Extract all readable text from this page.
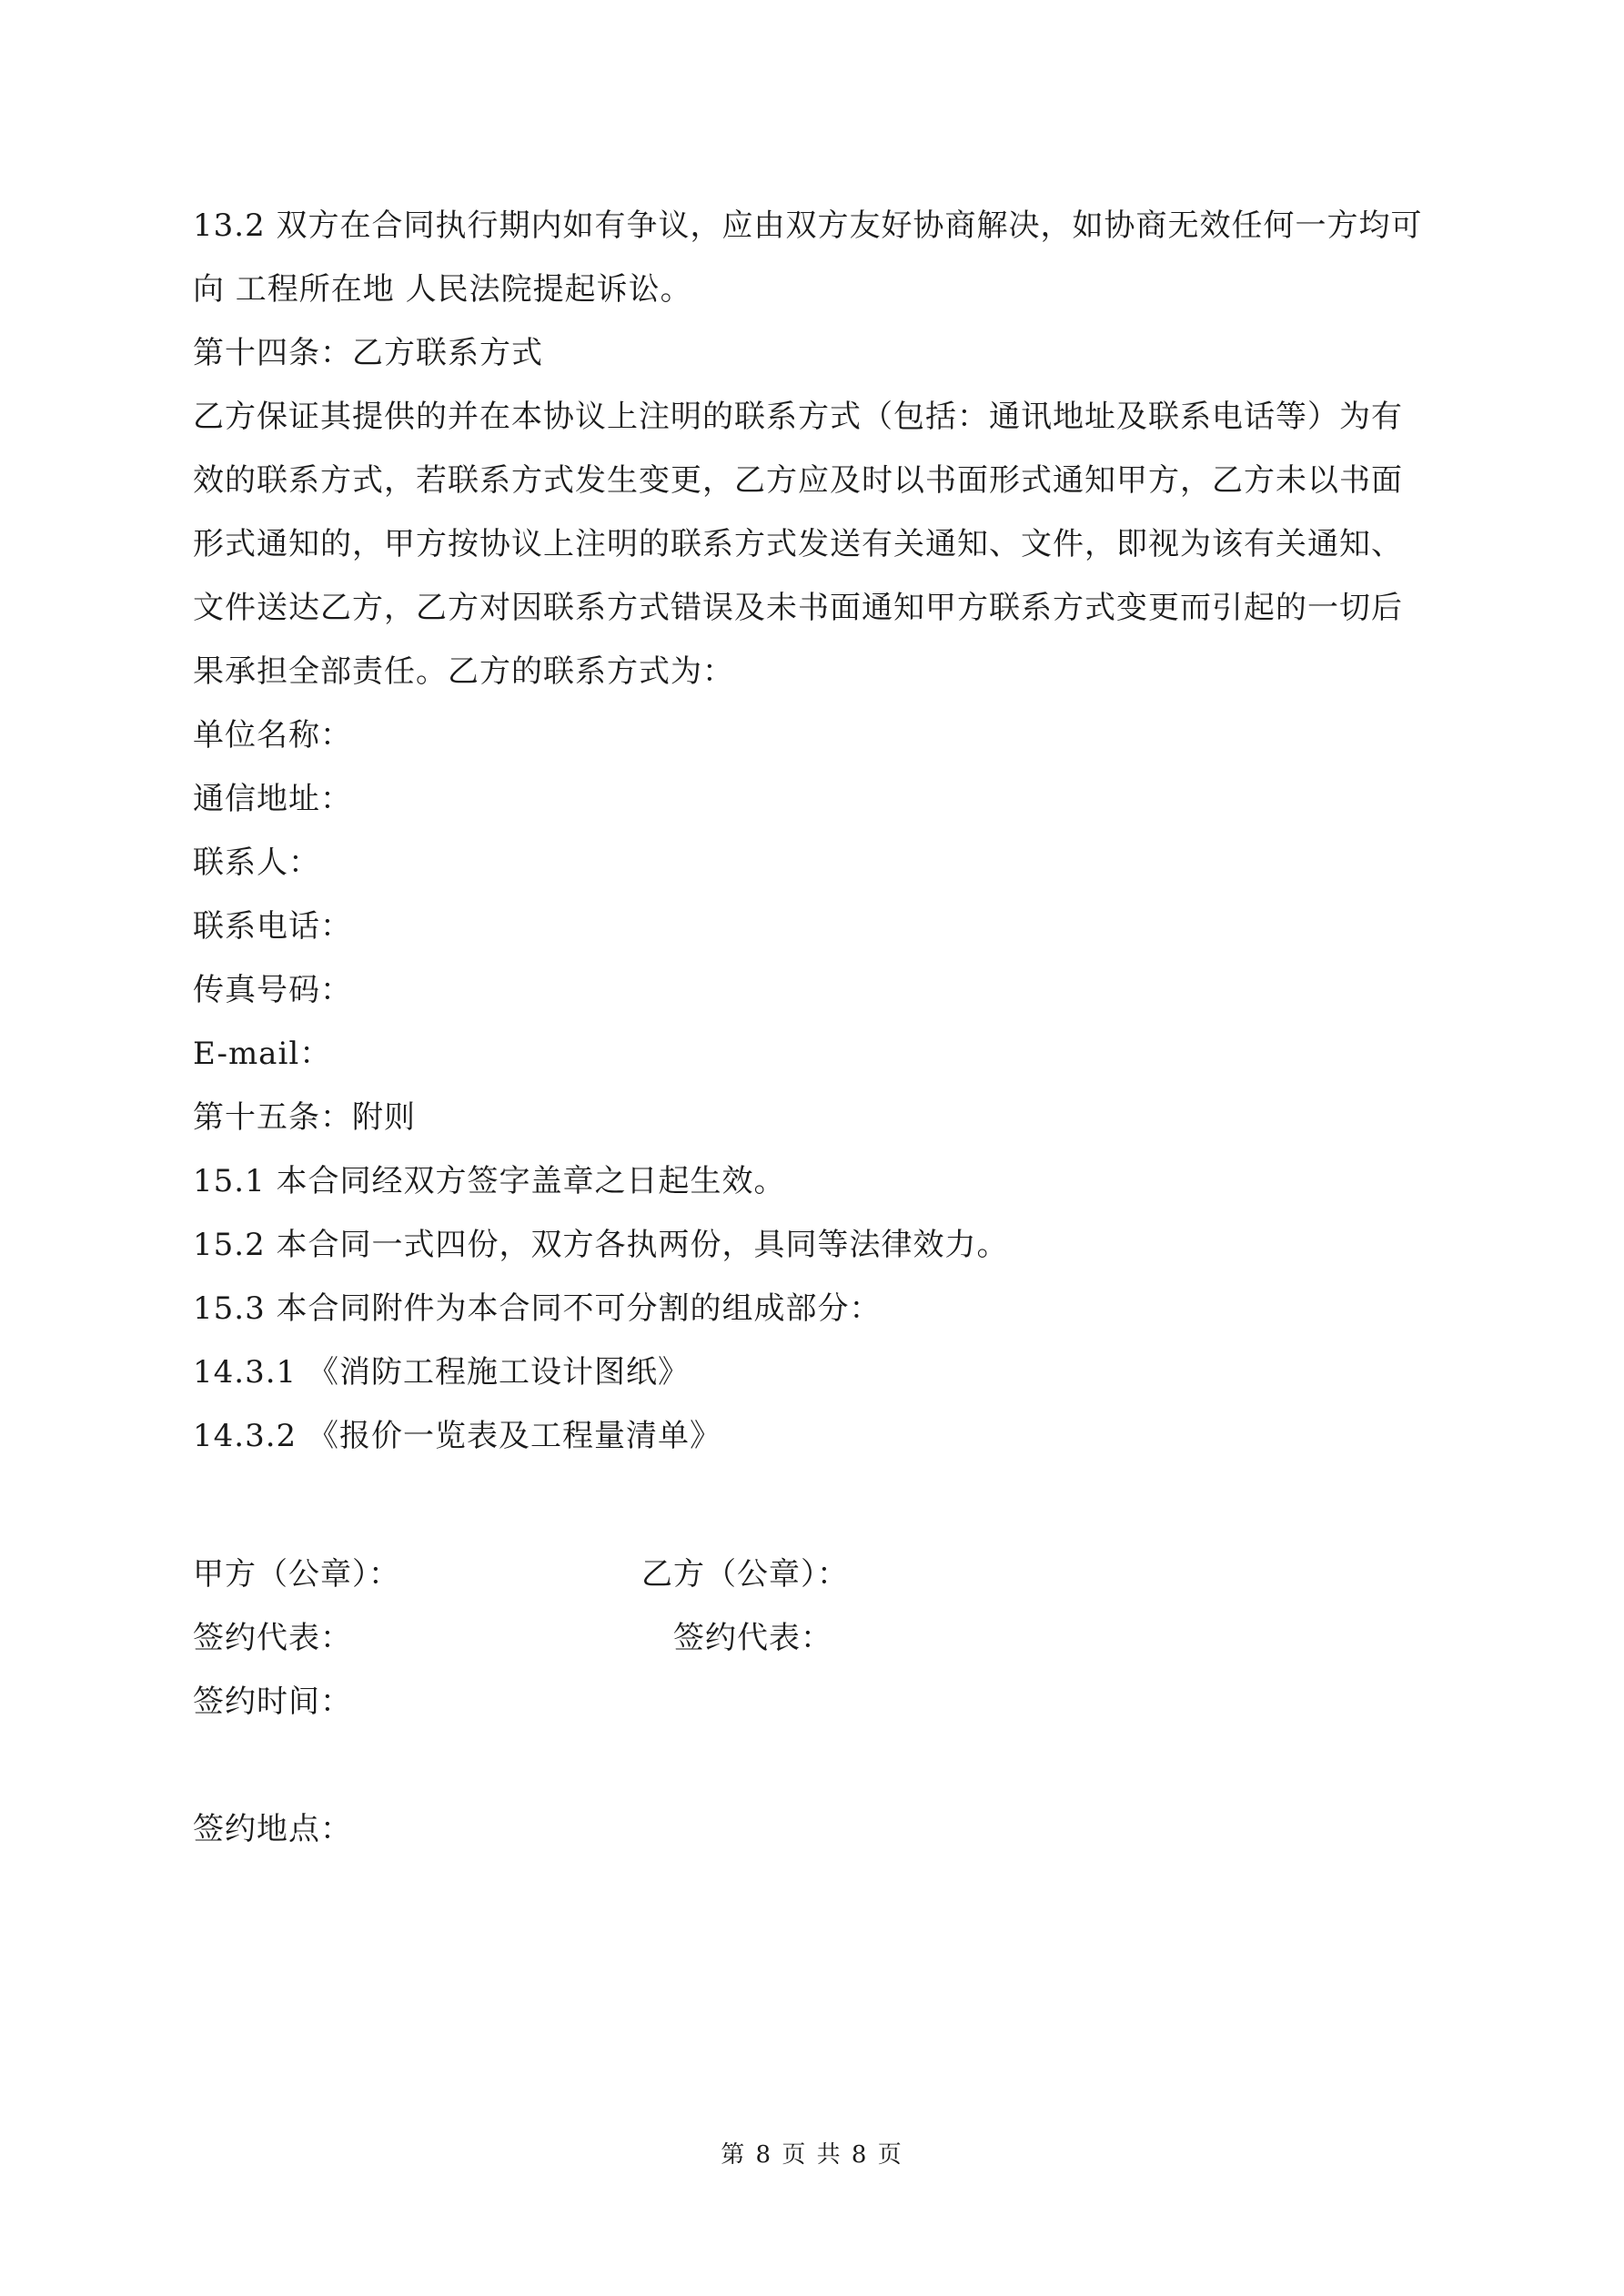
13.2 双方在合同执行期内如有争议，应由双方友好协商解决，如协商无效任何一方均可
向 工程所在地 人民法院提起诉讼。
第十四条：乙方联系方式
乙方保证其提供的并在本协议上注明的联系方式（包括：通讯地址及联系电话等）为有
效的联系方式，若联系方式发生变更，乙方应及时以书面形式通知甲方，乙方未以书面
形式通知的，甲方按协议上注明的联系方式发送有关通知、文件，即视为该有关通知、
文件送达乙方，乙方对因联系方式错误及未书面通知甲方联系方式变更而引起的一切后
果承担全部责任。乙方的联系方式为：
单位名称：
通信地址：
联系人：
联系电话：
传真号码：
E-mail：
第十五条：附则
15.1 本合同经双方签字盖章之日起生效。
15.2 本合同一式四份，双方各执两份，具同等法律效力。
15.3 本合同附件为本合同不可分割的组成部分：
14.3.1 《消防工程施工设计图纸》
14.3.2 《报价一览表及工程量清单》
甲方（公章）：	乙方（公章）：
签约代表：	签约代表：
签约时间：
签约地点：
第 8 页 共 8 页
